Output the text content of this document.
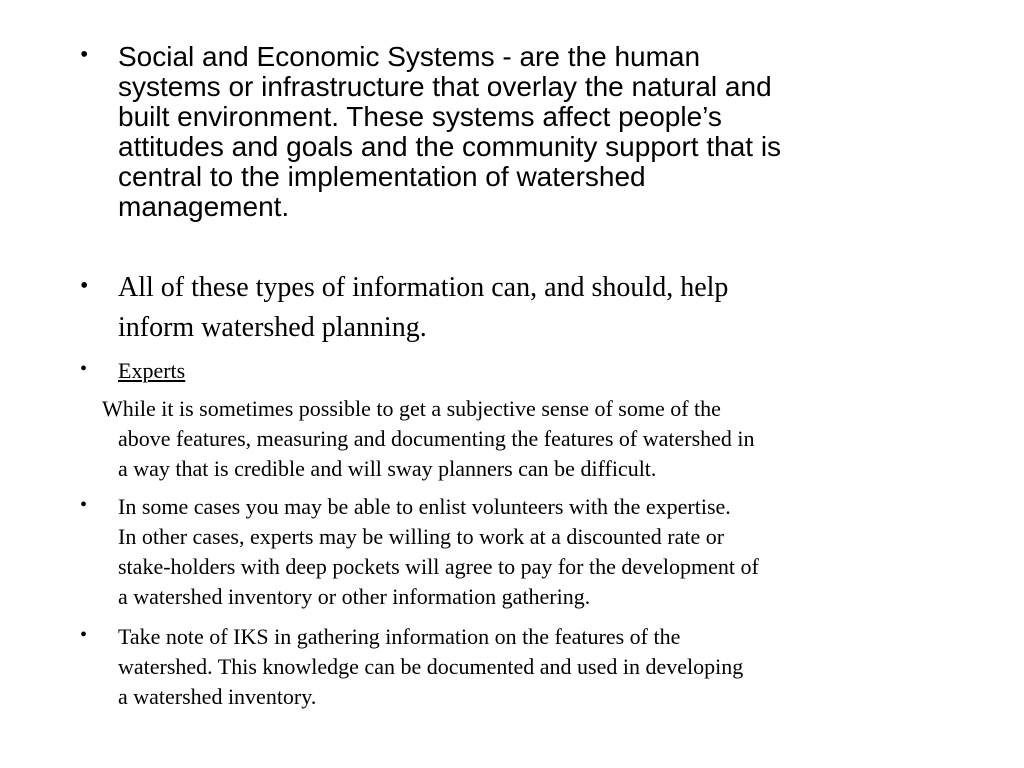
• Social and Economic Systems - are the human
systems or infrastructure that overlay the natural and
built environment. These systems affect people’s
attitudes and goals and the community support that is
central to the implementation of watershed
management.
• All of these types of information can, and should, help
inform watershed planning.
• Experts
While it is sometimes possible to get a subjective sense of some of the
above features, measuring and documenting the features of watershed in
a way that is credible and will sway planners can be difficult.
• In some cases you may be able to enlist volunteers with the expertise.
In other cases, experts may be willing to work at a discounted rate or
stake-holders with deep pockets will agree to pay for the development of
a watershed inventory or other information gathering.
• Take note of IKS in gathering information on the features of the
watershed. This knowledge can be documented and used in developing
a watershed inventory.
